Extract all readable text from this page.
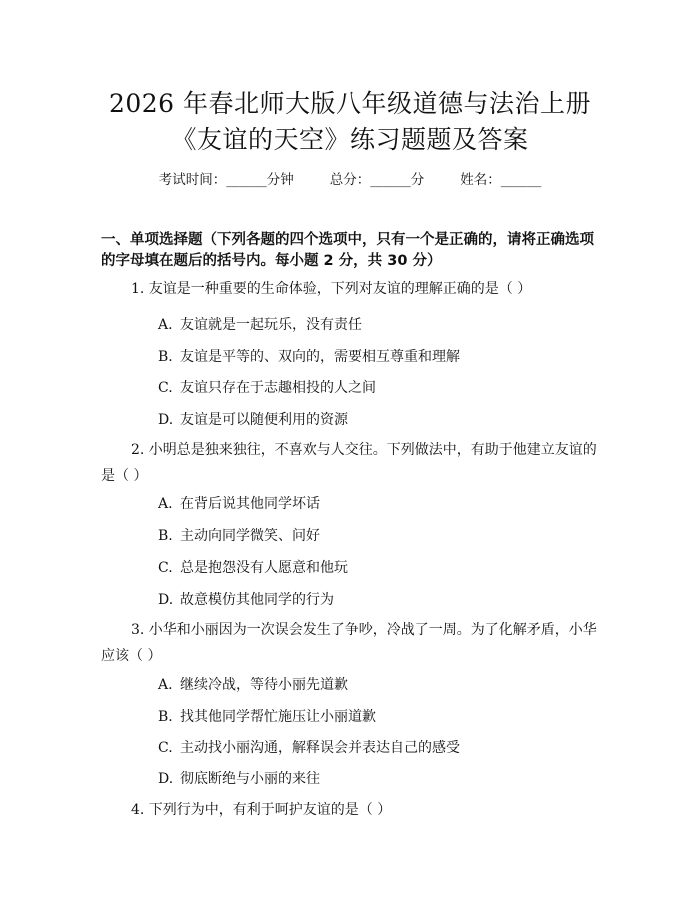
2026 年春北师大版八年级道德与法治上册
《友谊的天空》练习题题及答案
考试时间：______分钟	总分：______分	姓名：______
一、单项选择题（下列各题的四个选项中，只有一个是正确的，请将正确选项的字母填在题后的括号内。每小题 2 分，共 30 分）
1. 友谊是一种重要的生命体验，下列对友谊的理解正确的是（ ）
A. 友谊就是一起玩乐，没有责任
B. 友谊是平等的、双向的，需要相互尊重和理解
C. 友谊只存在于志趣相投的人之间
D. 友谊是可以随便利用的资源
2. 小明总是独来独往，不喜欢与人交往。下列做法中，有助于他建立友谊的是（ ）
A. 在背后说其他同学坏话
B. 主动向同学微笑、问好
C. 总是抱怨没有人愿意和他玩
D. 故意模仿其他同学的行为
3. 小华和小丽因为一次误会发生了争吵，冷战了一周。为了化解矛盾，小华应该（ ）
A. 继续冷战，等待小丽先道歉
B. 找其他同学帮忙施压让小丽道歉
C. 主动找小丽沟通，解释误会并表达自己的感受
D. 彻底断绝与小丽的来往
4. 下列行为中，有利于呵护友谊的是（ ）
